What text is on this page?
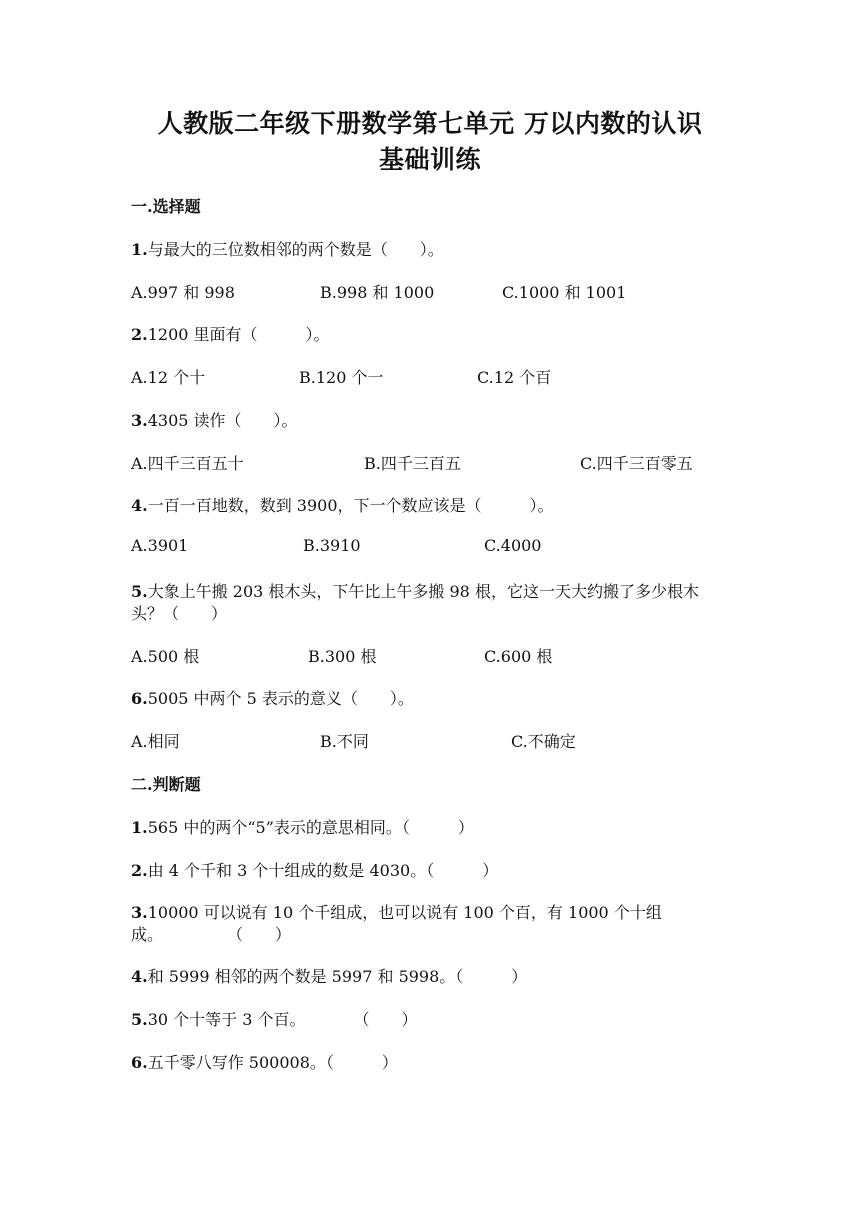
人教版二年级下册数学第七单元 万以内数的认识
基础训练
一.选择题
1.与最大的三位数相邻的两个数是（　　）。
A.997 和 998	B.998 和 1000	C.1000 和 1001
2.1200 里面有（　　　）。
A.12 个十	B.120 个一	C.12 个百
3.4305 读作（　　）。
A.四千三百五十	B.四千三百五	C.四千三百零五
4.一百一百地数，数到 3900，下一个数应该是（　　　）。
A.3901	B.3910	C.4000
5.大象上午搬 203 根木头，下午比上午多搬 98 根，它这一天大约搬了多少根木
头？（　　）
A.500 根	B.300 根	C.600 根
6.5005 中两个 5 表示的意义（　　）。
A.相同	B.不同	C.不确定
二.判断题
1.565 中的两个“5”表示的意思相同。（　　　）
2.由 4 个千和 3 个十组成的数是 4030。（　　　）
3.10000 可以说有 10 个千组成，也可以说有 100 个百，有 1000 个十组
成。　　　　　（　　）
4.和 5999 相邻的两个数是 5997 和 5998。（　　　）
5.30 个十等于 3 个百。　　　　（　　）
6.五千零八写作 500008。（　　　）
